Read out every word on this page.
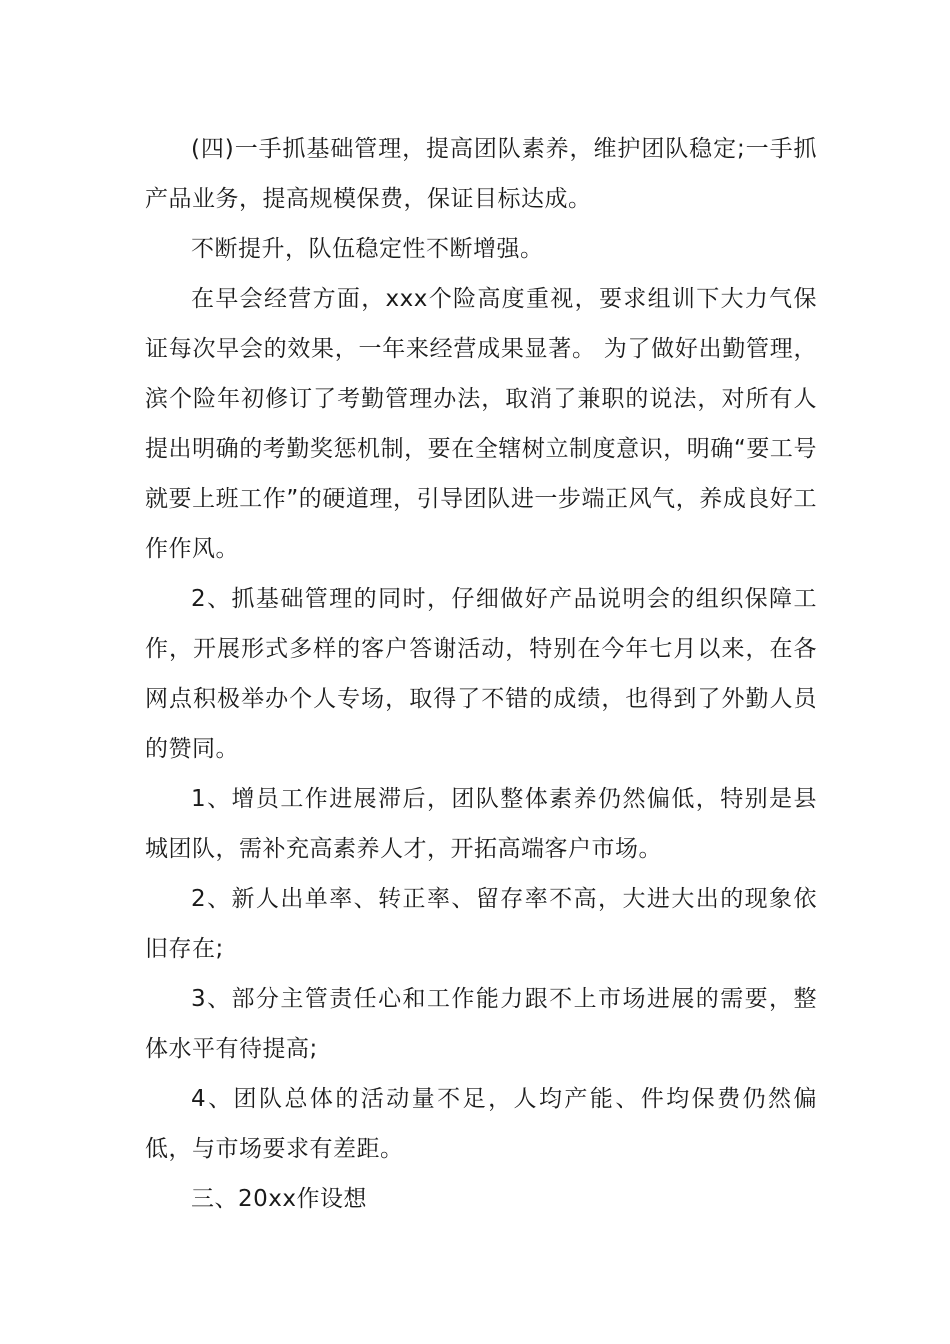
(四)一手抓基础管理，提高团队素养，维护团队稳定;一手抓产品业务，提高规模保费，保证目标达成。

不断提升，队伍稳定性不断增强。

在早会经营方面，xxx个险高度重视，要求组训下大力气保证每次早会的效果，一年来经营成果显著。 为了做好出勤管理，滨个险年初修订了考勤管理办法，取消了兼职的说法，对所有人提出明确的考勤奖惩机制，要在全辖树立制度意识，明确“要工号就要上班工作”的硬道理，引导团队进一步端正风气，养成良好工作作风。

2、抓基础管理的同时，仔细做好产品说明会的组织保障工作，开展形式多样的客户答谢活动，特别在今年七月以来，在各网点积极举办个人专场，取得了不错的成绩，也得到了外勤人员的赞同。

1、增员工作进展滞后，团队整体素养仍然偏低，特别是县城团队，需补充高素养人才，开拓高端客户市场。

2、新人出单率、转正率、留存率不高，大进大出的现象依旧存在;

3、部分主管责任心和工作能力跟不上市场进展的需要，整体水平有待提高;

4、团队总体的活动量不足，人均产能、件均保费仍然偏低，与市场要求有差距。

三、20xx作设想
